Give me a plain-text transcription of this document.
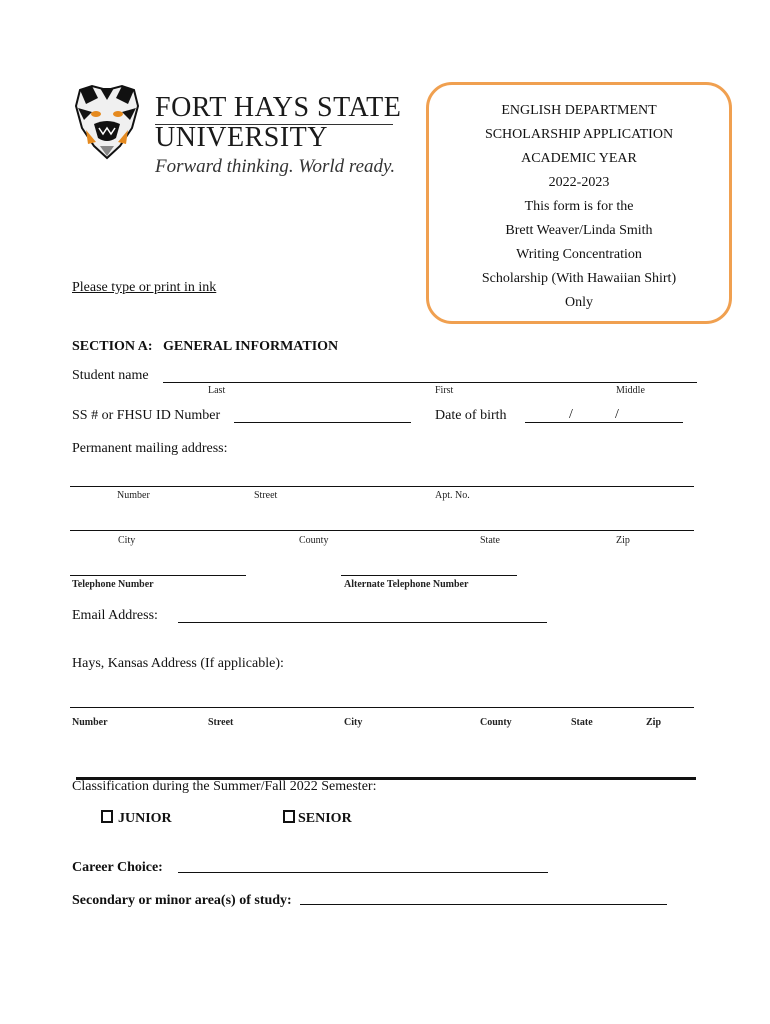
FORT HAYS STATE
UNIVERSITY
Forward thinking. World ready.
ENGLISH DEPARTMENT
SCHOLARSHIP APPLICATION
ACADEMIC YEAR
2022-2023
This form is for the
Brett Weaver/Linda Smith
Writing Concentration
Scholarship (With Hawaiian Shirt)
Only
Please type or print in ink
SECTION A:   GENERAL INFORMATION
Student name
Last	First	Middle
SS # or FHSU ID Number	Date of birth	/	/
Permanent mailing address:
Number	Street	Apt. No.
City	County	State	Zip
Telephone Number	Alternate Telephone Number
Email Address:
Hays, Kansas Address (If applicable):
Number	Street	City	County	State	Zip
Classification during the Summer/Fall 2022 Semester:
JUNIOR	SENIOR
Career Choice:
Secondary or minor area(s) of study:
